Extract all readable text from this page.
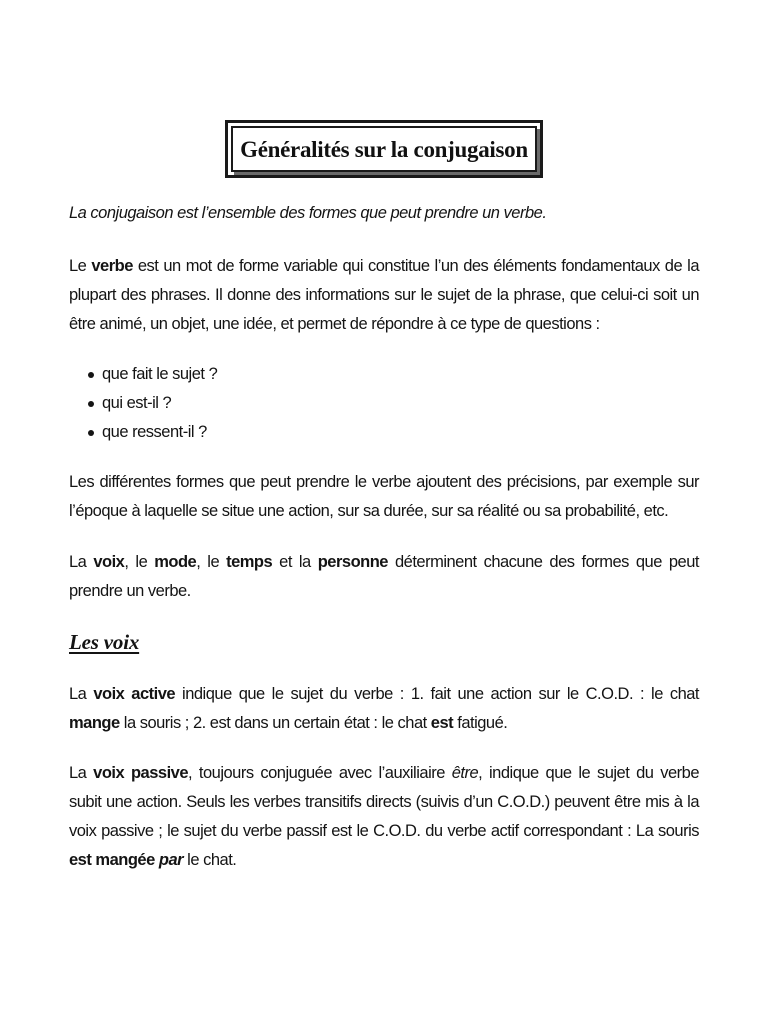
Généralités sur la conjugaison

La conjugaison est l’ensemble des formes que peut prendre un verbe.

Le verbe est un mot de forme variable qui constitue l’un des éléments fondamentaux de la plupart des phrases. Il donne des informations sur le sujet de la phrase, que celui-ci soit un être animé, un objet, une idée, et permet de répondre à ce type de questions :

que fait le sujet ?
qui est-il ?
que ressent-il ?

Les différentes formes que peut prendre le verbe ajoutent des précisions, par exemple sur l’époque à laquelle se situe une action, sur sa durée, sur sa réalité ou sa probabilité, etc.

La voix, le mode, le temps et la personne déterminent chacune des formes que peut prendre un verbe.

Les voix

La voix active indique que le sujet du verbe : 1. fait une action sur le C.O.D. : le chat mange la souris ; 2. est dans un certain état : le chat est fatigué.

La voix passive, toujours conjuguée avec l’auxiliaire être, indique que le sujet du verbe subit une action. Seuls les verbes transitifs directs (suivis d’un C.O.D.) peuvent être mis à la voix passive ; le sujet du verbe passif est le C.O.D. du verbe actif correspondant : La souris est mangée par le chat.
